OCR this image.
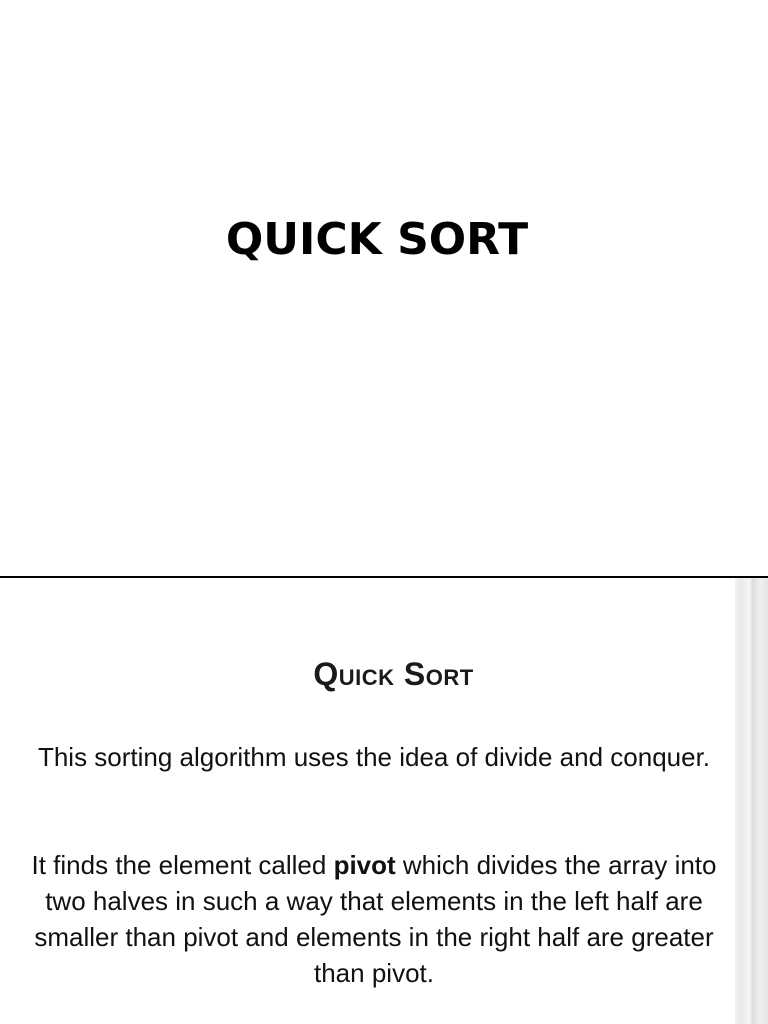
QUICK SORT
Quick Sort
This sorting algorithm uses the idea of divide and conquer.
It finds the element called pivot which divides the array into two halves in such a way that elements in the left half are smaller than pivot and elements in the right half are greater than pivot.
